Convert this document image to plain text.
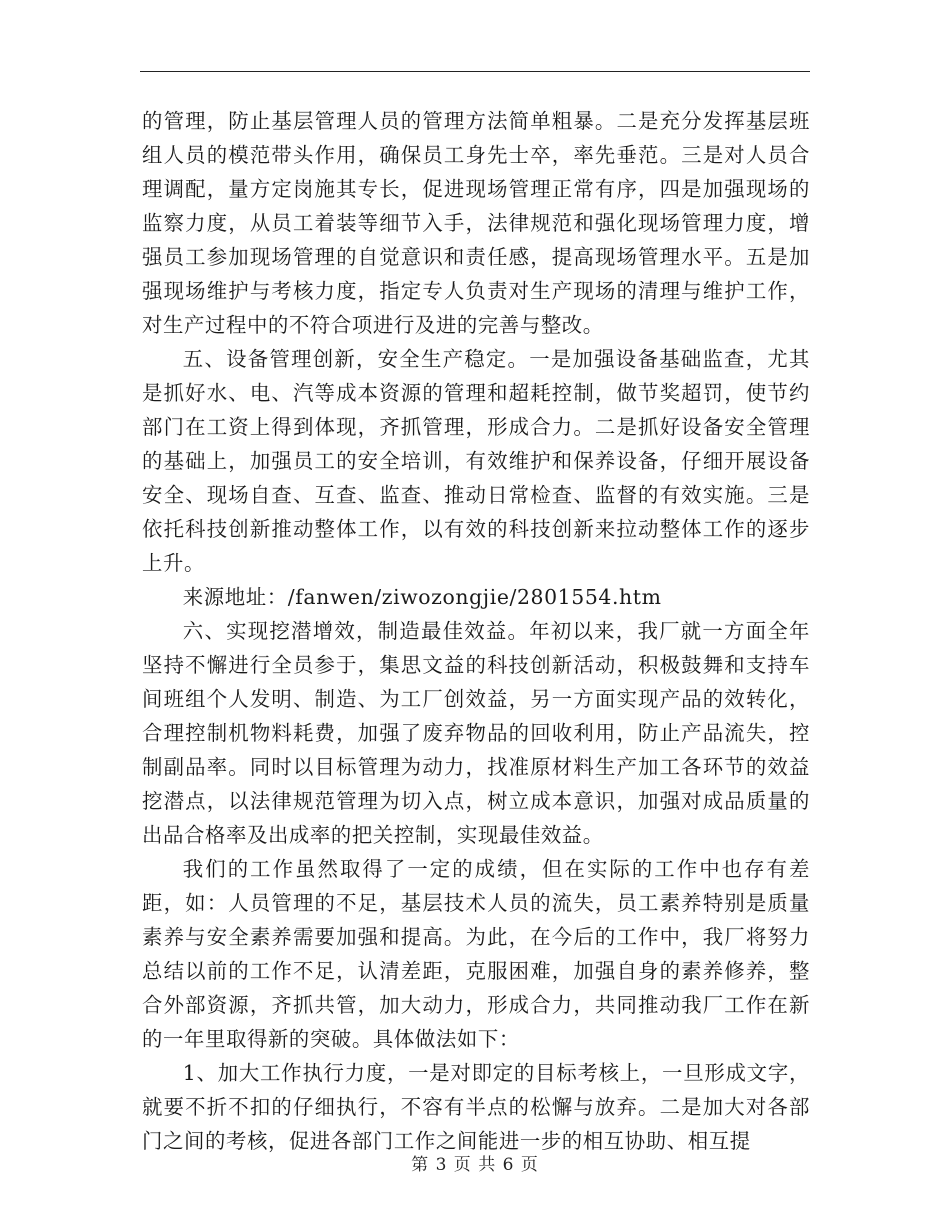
的管理，防止基层管理人员的管理方法简单粗暴。二是充分发挥基层班组人员的模范带头作用，确保员工身先士卒，率先垂范。三是对人员合理调配，量方定岗施其专长，促进现场管理正常有序，四是加强现场的监察力度，从员工着装等细节入手，法律规范和强化现场管理力度，增强员工参加现场管理的自觉意识和责任感，提高现场管理水平。五是加强现场维护与考核力度，指定专人负责对生产现场的清理与维护工作，对生产过程中的不符合项进行及进的完善与整改。

五、设备管理创新，安全生产稳定。一是加强设备基础监查，尤其是抓好水、电、汽等成本资源的管理和超耗控制，做节奖超罚，使节约部门在工资上得到体现，齐抓管理，形成合力。二是抓好设备安全管理的基础上，加强员工的安全培训，有效维护和保养设备，仔细开展设备安全、现场自查、互查、监查、推动日常检查、监督的有效实施。三是依托科技创新推动整体工作，以有效的科技创新来拉动整体工作的逐步上升。

来源地址：/fanwen/ziwozongjie/2801554.htm

六、实现挖潜增效，制造最佳效益。年初以来，我厂就一方面全年坚持不懈进行全员参于，集思文益的科技创新活动，积极鼓舞和支持车间班组个人发明、制造、为工厂创效益，另一方面实现产品的效转化，合理控制机物料耗费，加强了废弃物品的回收利用，防止产品流失，控制副品率。同时以目标管理为动力，找准原材料生产加工各环节的效益挖潜点，以法律规范管理为切入点，树立成本意识，加强对成品质量的出品合格率及出成率的把关控制，实现最佳效益。

我们的工作虽然取得了一定的成绩，但在实际的工作中也存有差距，如：人员管理的不足，基层技术人员的流失，员工素养特别是质量素养与安全素养需要加强和提高。为此，在今后的工作中，我厂将努力总结以前的工作不足，认清差距，克服困难，加强自身的素养修养，整合外部资源，齐抓共管，加大动力，形成合力，共同推动我厂工作在新的一年里取得新的突破。具体做法如下：

1、加大工作执行力度，一是对即定的目标考核上，一旦形成文字，就要不折不扣的仔细执行，不容有半点的松懈与放弃。二是加大对各部门之间的考核，促进各部门工作之间能进一步的相互协助、相互提

第 3 页 共 6 页
